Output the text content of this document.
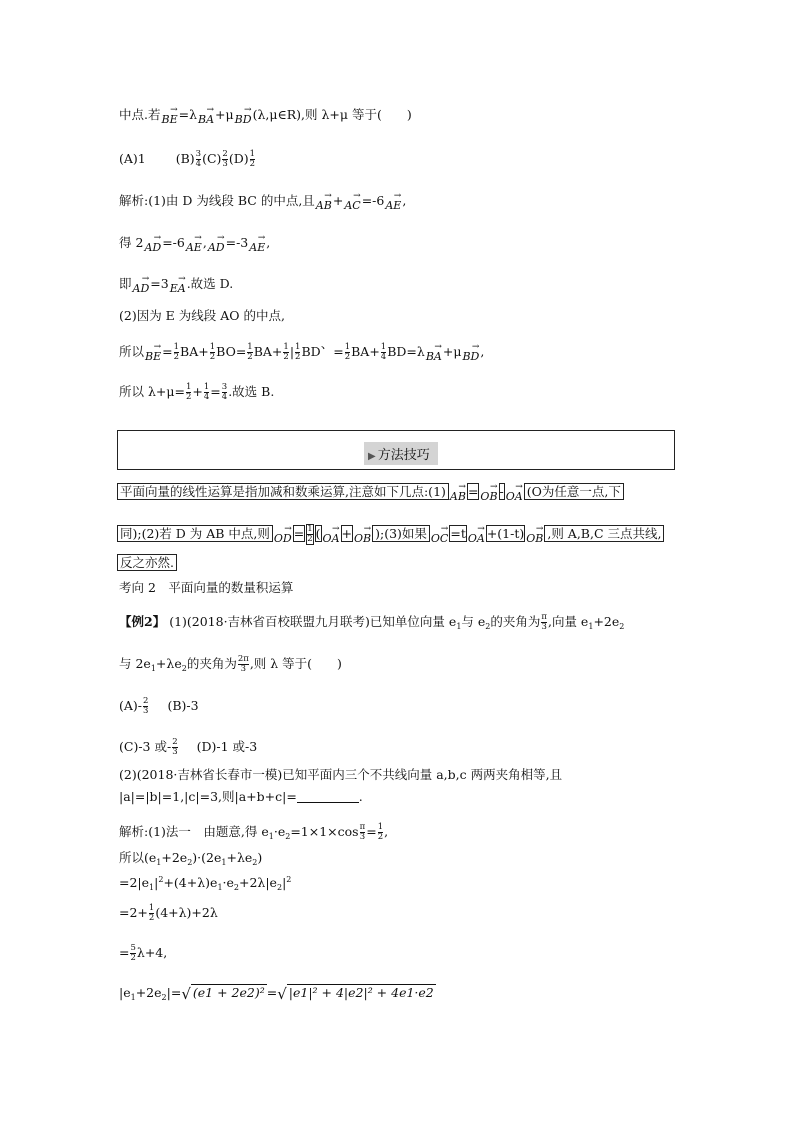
中点.若→ BE=λ→ BA+μ→ BD(λ,μ∈R),则 λ+μ 等于(　　)
(A)1 $(B) \frac{3}{4} (C) \frac{2}{3} (D) \frac{1}{2}$
解析:(1)由 D 为线段 BC 的中点,且→ AB+→ AC=-6→ AE,
得 2→ AD=-6→ AE,→ AD=-3→ AE,
即→ AD=3→ EA.故选 D.
(2)因为 E 为线段 AO 的中点,
所以→ $BE= \frac{1}{2} BA+ \frac{1}{2} BO= \frac{1}{2} BA+ \frac{1}{2}$ | $\frac{1}{2}$ BD、= $\frac{1}{2} BA+ \frac{1}{4} BD=\lambda\to BA+\mu\to$ BD,
所以 $\lambda+\mu= \frac{1}{2} + \frac{1}{4} = \frac{3}{4}$ .故选 B.
▶ 方法技巧
平面向量的线性运算是指加减和数乘运算,注意如下几点:(1) → AB = → OB - → OA (O为任意一点,下
同);(2)若 D 为 AB 中点,则 → OD = $\frac{1}{2}$ ( → OA + → OB );(3)如果 → OC =t → OA +(1-t) → OB ,则 A,B,C 三点共线,
反之亦然.
考向 2　平面向量的数量积运算
【例2】 (1)(2018·吉林省百校联盟九月联考)已知单位向量 $e_1$与 $e_2$的夹角为 $\frac{\pi}{3}$ ,向量 $e_1+2e_2$
与 $2e_1+\lambda e_2$的夹角为 $\frac{2\pi}{3}$ ,则 λ 等于(　　)
$(A)- \frac{2}{3} (B)-3$
(C)-3 或- $\frac{2}{3} (D)-1$ 或-3
(2)(2018·吉林省长春市一模)已知平面内三个不共线向量 a,b,c 两两夹角相等,且
|a|=|b|=1,|c|=3,则|a+b+c|=	.
解析:(1)法一　由题意,得 $e_1\cdot e_2=1\times 1\times\cos \frac{\pi}{3} = \frac{1}{2}$ ,
所以$(e_1+2e_2)\cdot(2e_1+\lambda e_2)$
$=2|e_1|^2+(4+\lambda)e_1\cdot e_2+2\lambda|e_2|^2$
$=2+ \frac{1}{2} (4+\lambda)+2\lambda$
= $\frac{5}{2} \lambda+4$,
$|e_1+2e_2|=√$ (e1 + 2e2)² =√ |e1|² + 4|e2|² + 4e1·e2
